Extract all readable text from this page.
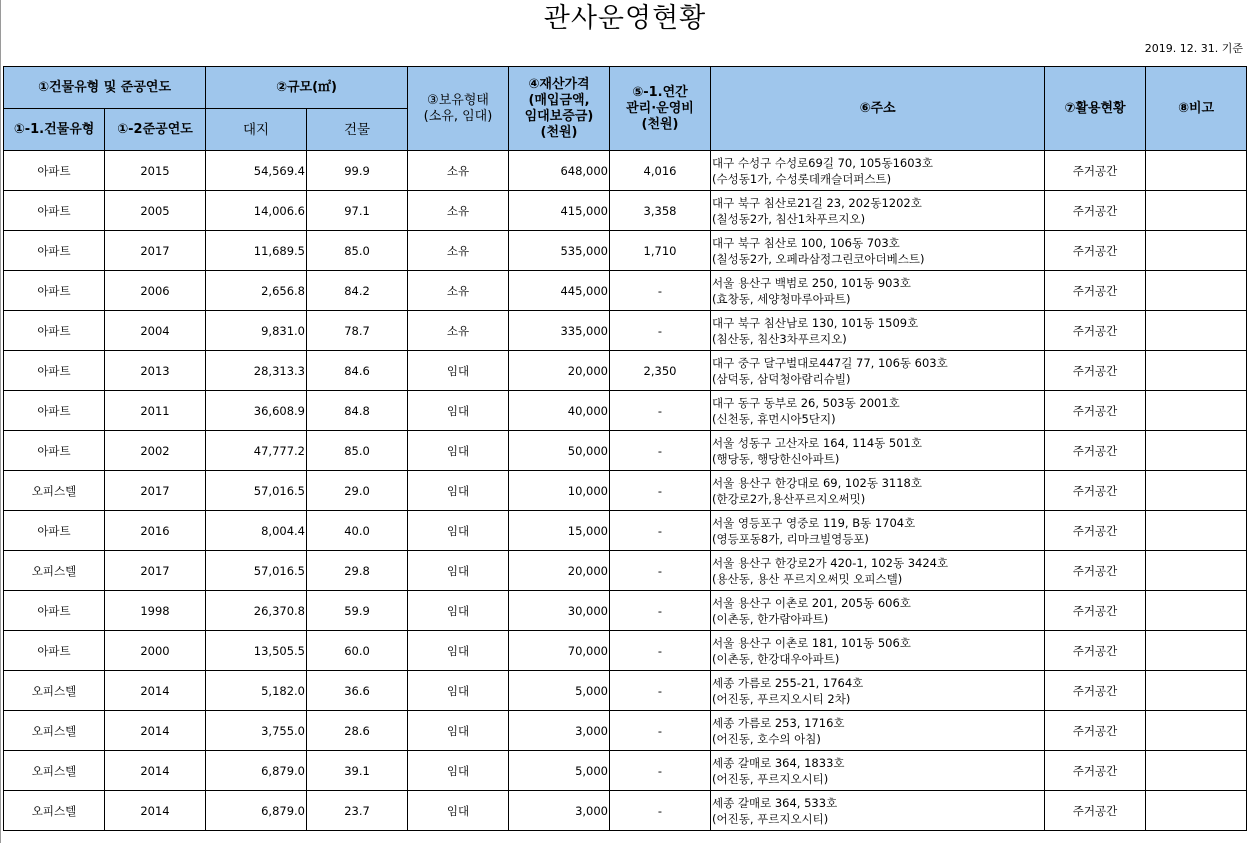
관사운영현황
2019. 12. 31. 기준
①건물유형 및 준공연도		②규모(㎡)		③보유형태
(소유, 임대)	④재산가격
(매입금액,
임대보증금)
(천원)	⑤-1.연간
관리·운영비
(천원)	⑥주소	⑦활용현황	⑧비고
①-1.건물유형	①-2준공연도	대지	건물						
아파트	2015	54,569.4	99.9	소유	648,000	4,016	대구 수성구 수성로69길 70, 105동1603호
(수성동1가, 수성롯데캐슬더퍼스트)	주거공간	
아파트	2005	14,006.6	97.1	소유	415,000	3,358	대구 북구 침산로21길 23, 202동1202호
(칠성동2가, 침산1차푸르지오)	주거공간	
아파트	2017	11,689.5	85.0	소유	535,000	1,710	대구 북구 침산로 100, 106동 703호
(칠성동2가, 오페라삼정그린코아더베스트)	주거공간	
아파트	2006	2,656.8	84.2	소유	445,000	-	서울 용산구 백범로 250, 101동 903호
(효창동, 세양청마루아파트)	주거공간	
아파트	2004	9,831.0	78.7	소유	335,000	-	대구 북구 침산남로 130, 101동 1509호
(침산동, 침산3차푸르지오)	주거공간	
아파트	2013	28,313.3	84.6	임대	20,000	2,350	대구 중구 달구벌대로447길 77, 106동 603호
(삼덕동, 삼덕청아람리슈빌)	주거공간	
아파트	2011	36,608.9	84.8	임대	40,000	-	대구 동구 동부로 26, 503동 2001호
(신천동, 휴먼시아5단지)	주거공간	
아파트	2002	47,777.2	85.0	임대	50,000	-	서울 성동구 고산자로 164, 114동 501호
(행당동, 행당한신아파트)	주거공간	
오피스텔	2017	57,016.5	29.0	임대	10,000	-	서울 용산구 한강대로 69, 102동 3118호
(한강로2가,용산푸르지오써밋)	주거공간	
아파트	2016	8,004.4	40.0	임대	15,000	-	서울 영등포구 영중로 119, B동 1704호
(영등포동8가, 리마크빌영등포)	주거공간	
오피스텔	2017	57,016.5	29.8	임대	20,000	-	서울 용산구 한강로2가 420-1, 102동 3424호
(용산동, 용산 푸르지오써밋 오피스텔)	주거공간	
아파트	1998	26,370.8	59.9	임대	30,000	-	서울 용산구 이촌로 201, 205동 606호
(이촌동, 한가람아파트)	주거공간	
아파트	2000	13,505.5	60.0	임대	70,000	-	서울 용산구 이촌로 181, 101동 506호
(이촌동, 한강대우아파트)	주거공간	
오피스텔	2014	5,182.0	36.6	임대	5,000	-	세종 가름로 255-21, 1764호
(어진동, 푸르지오시티 2차)	주거공간	
오피스텔	2014	3,755.0	28.6	임대	3,000	-	세종 가름로 253, 1716호
(어진동, 호수의 아침)	주거공간	
오피스텔	2014	6,879.0	39.1	임대	5,000	-	세종 갈매로 364, 1833호
(어진동, 푸르지오시티)	주거공간	
오피스텔	2014	6,879.0	23.7	임대	3,000	-	세종 갈매로 364, 533호
(어진동, 푸르지오시티)	주거공간	
